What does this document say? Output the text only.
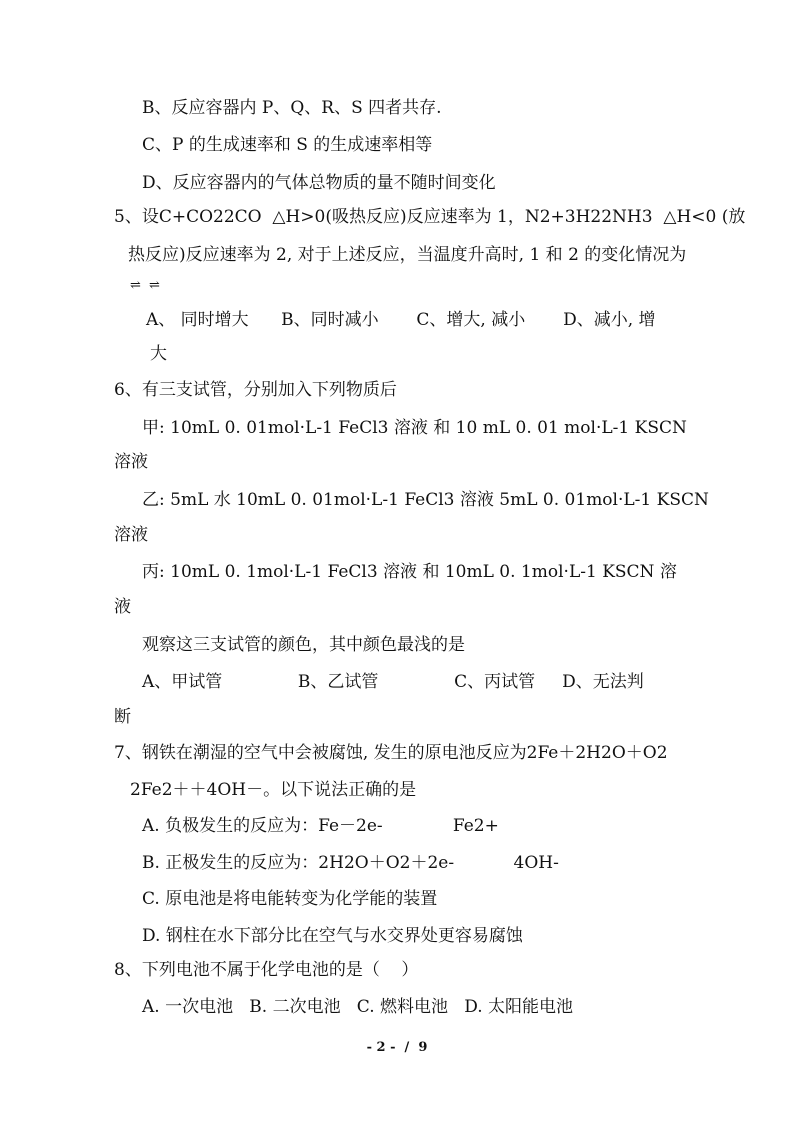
B、反应容器内 P、Q、R、S 四者共存.
C、P 的生成速率和 S 的生成速率相等
D、反应容器内的气体总物质的量不随时间变化
5、设C+CO22CO  △H>0(吸热反应)反应速率为 1，N2+3H22NH3  △H<0 (放
热反应)反应速率为 2, 对于上述反应，当温度升高时, 1 和 2 的变化情况为
⇌ ⇌
A、 同时增大      B、同时减小       C、增大, 减小       D、减小, 增
大
6、有三支试管，分别加入下列物质后
甲: 10mL 0. 01mol·L-1 FeCl3 溶液 和 10 mL 0. 01 mol·L-1 KSCN
溶液
乙: 5mL 水 10mL 0. 01mol·L-1 FeCl3 溶液 5mL 0. 01mol·L-1 KSCN
溶液
丙: 10mL 0. 1mol·L-1 FeCl3 溶液 和 10mL 0. 1mol·L-1 KSCN 溶
液
观察这三支试管的颜色，其中颜色最浅的是
A、甲试管              B、乙试管              C、丙试管     D、无法判
断
7、钢铁在潮湿的空气中会被腐蚀, 发生的原电池反应为2Fe＋2H2O＋O2
2Fe2＋＋4OH－。以下说法正确的是
A. 负极发生的反应为：Fe－2e-             Fe2+
B. 正极发生的反应为：2H2O＋O2＋2e-           4OH-
C. 原电池是将电能转变为化学能的装置
D. 钢柱在水下部分比在空气与水交界处更容易腐蚀
8、下列电池不属于化学电池的是（    ）
A. 一次电池   B. 二次电池   C. 燃料电池   D. 太阳能电池
- 2 -  /  9
